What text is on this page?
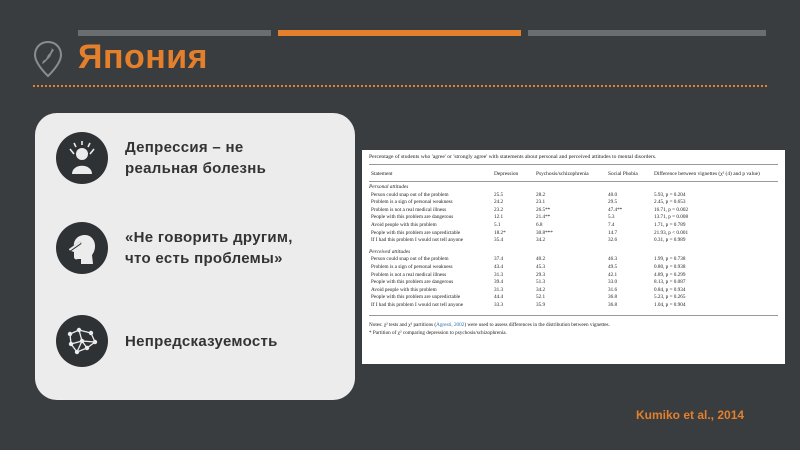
Япония
Депрессия – не
реальная болезнь
«Не говорить другим,
что есть проблемы»
Непредсказуемость
Percentage of students who 'agree' or 'strongly agree' with statements about personal and perceived attitudes to mental disorders.
Statement	Depression	Psychosis/schizophrenia	Social Phobia	Difference between vignettes (χ² (4) and p value)
Personal attitudes
Person could snap out of the problem	25.5	28.2	40.0	5.93, p = 0.204
Problem is a sign of personal weakness	24.2	23.1	29.5	2.45, p = 0.653
Problem is not a real medical illness	23.2	26.5**	47.4**	16.71, p = 0.002
People with this problem are dangerous	12.1	21.4**	5.3	13.71, p = 0.008
Avoid people with this problem	5.1	6.8	7.4	1.71, p = 0.789
People with this problem are unpredictable	18.2*	30.8***	14.7	21.93, p < 0.001
If I had this problem I would not tell anyone	35.4	34.2	32.6	0.31, p = 0.989
Perceived attitudes
Person could snap out of the problem	37.4	40.2	46.3	1.99, p = 0.738
Problem is a sign of personal weakness	43.4	45.3	49.5	0.80, p = 0.938
Problem is not a real medical illness	31.3	29.3	42.1	4.89, p = 0.299
People with this problem are dangerous	39.4	51.3	33.0	8.13, p = 0.087
Avoid people with this problem	31.3	34.2	31.6	0.84, p = 0.934
People with this problem are unpredictable	44.4	52.1	36.8	5.23, p = 0.265
If I had this problem I would not tell anyone	33.3	35.9	36.8	1.04, p = 0.904
Notes: χ² tests and χ² partitions (Agresti, 2002) were used to assess differences in the distribution between vignettes.
* Partition of χ² comparing depression to psychosis/schizophrenia.
Kumiko et al., 2014
